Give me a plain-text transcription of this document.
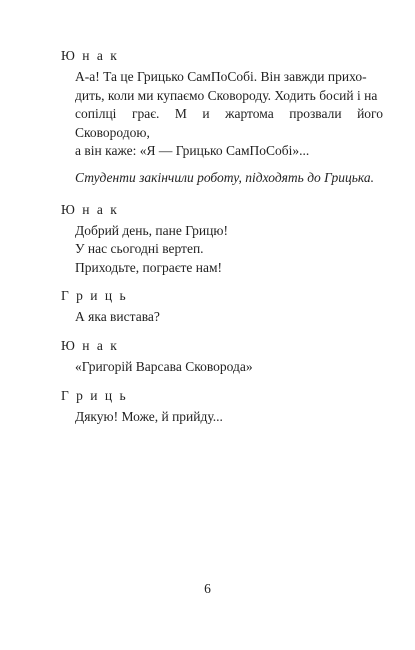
Ю н а к

А-а! Та це Грицько СамПоСобі. Він завжди прихо-

дить, коли ми купаємо Сковороду. Ходить босий і на

сопілці грає. М и жартома прозвали його Сковородою,

а він каже: «Я — Грицько СамПоСобі»...

Студенти закінчили роботу, підходять до Грицька.
Ю н а к

Добрий день, пане Грицю!

У нас сьогодні вертеп.

Приходьте, пограєте нам!

Г р и ц ь

А яка вистава?

Ю н а к

«Григорій Варсава Сковорода»

Г р и ц ь

Дякую! Може, й прийду...

6
